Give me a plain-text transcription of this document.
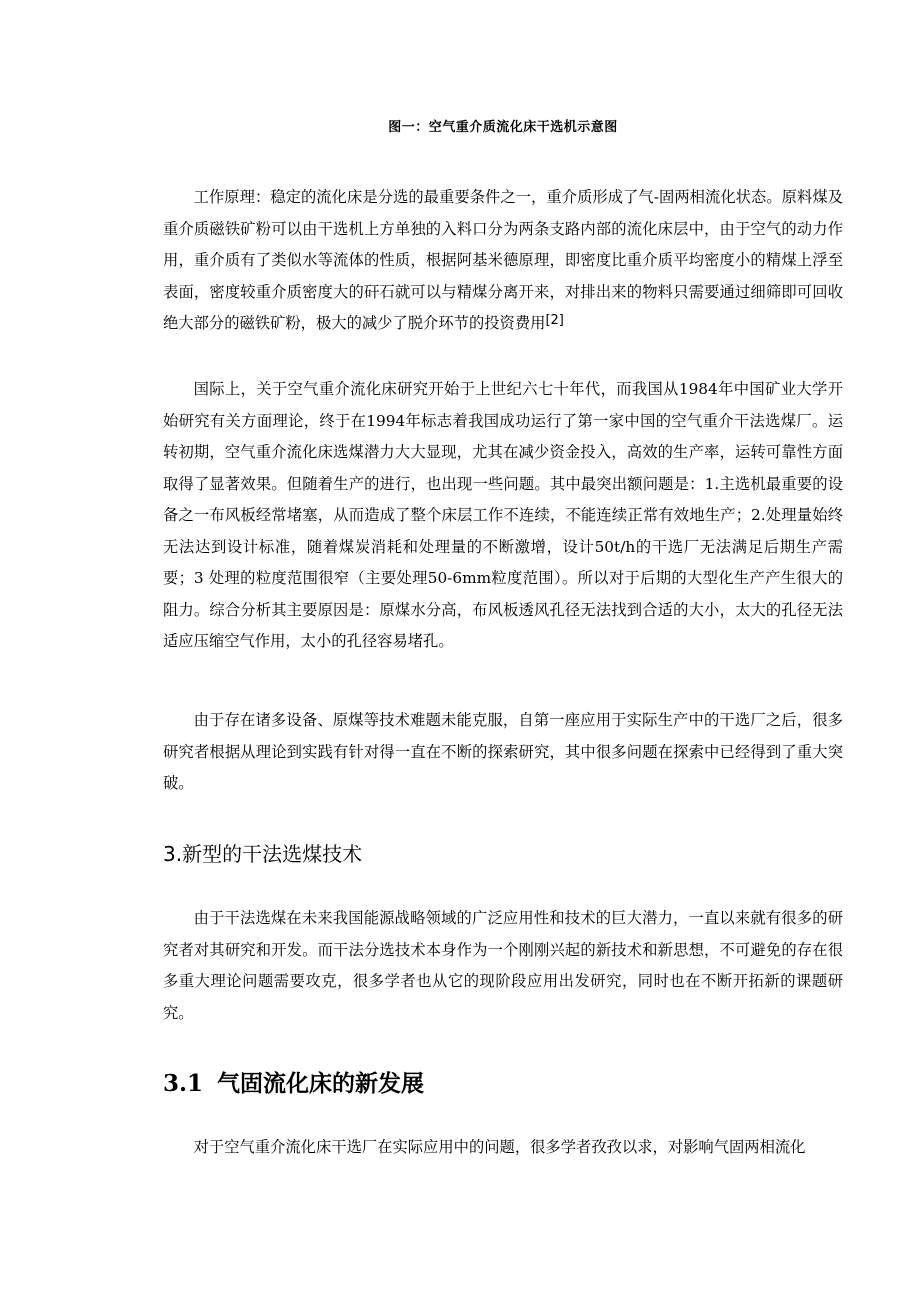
图一：空气重介质流化床干选机示意图

工作原理：稳定的流化床是分选的最重要条件之一，重介质形成了气-固两相流化状态。原料煤及重介质磁铁矿粉可以由干选机上方单独的入料口分为两条支路内部的流化床层中，由于空气的动力作用，重介质有了类似水等流体的性质，根据阿基米德原理，即密度比重介质平均密度小的精煤上浮至表面，密度较重介质密度大的矸石就可以与精煤分离开来，对排出来的物料只需要通过细筛即可回收绝大部分的磁铁矿粉，极大的减少了脱介环节的投资费用[2]

国际上，关于空气重介流化床研究开始于上世纪六七十年代，而我国从1984年中国矿业大学开始研究有关方面理论，终于在1994年标志着我国成功运行了第一家中国的空气重介干法选煤厂。运转初期，空气重介流化床选煤潜力大大显现，尤其在减少资金投入，高效的生产率，运转可靠性方面取得了显著效果。但随着生产的进行，也出现一些问题。其中最突出额问题是：1.主选机最重要的设备之一布风板经常堵塞，从而造成了整个床层工作不连续，不能连续正常有效地生产；2.处理量始终无法达到设计标准，随着煤炭消耗和处理量的不断激增，设计50t/h的干选厂无法满足后期生产需要；3 处理的粒度范围很窄（主要处理50-6mm粒度范围）。所以对于后期的大型化生产产生很大的阻力。综合分析其主要原因是：原煤水分高，布风板透风孔径无法找到合适的大小，太大的孔径无法适应压缩空气作用，太小的孔径容易堵孔。

由于存在诸多设备、原煤等技术难题未能克服，自第一座应用于实际生产中的干选厂之后，很多研究者根据从理论到实践有针对得一直在不断的探索研究，其中很多问题在探索中已经得到了重大突破。

3.新型的干法选煤技术

由于干法选煤在未来我国能源战略领域的广泛应用性和技术的巨大潜力，一直以来就有很多的研究者对其研究和开发。而干法分选技术本身作为一个刚刚兴起的新技术和新思想，不可避免的存在很多重大理论问题需要攻克，很多学者也从它的现阶段应用出发研究，同时也在不断开拓新的课题研究。

3.1 气固流化床的新发展

对于空气重介流化床干选厂在实际应用中的问题，很多学者孜孜以求，对影响气固两相流化
